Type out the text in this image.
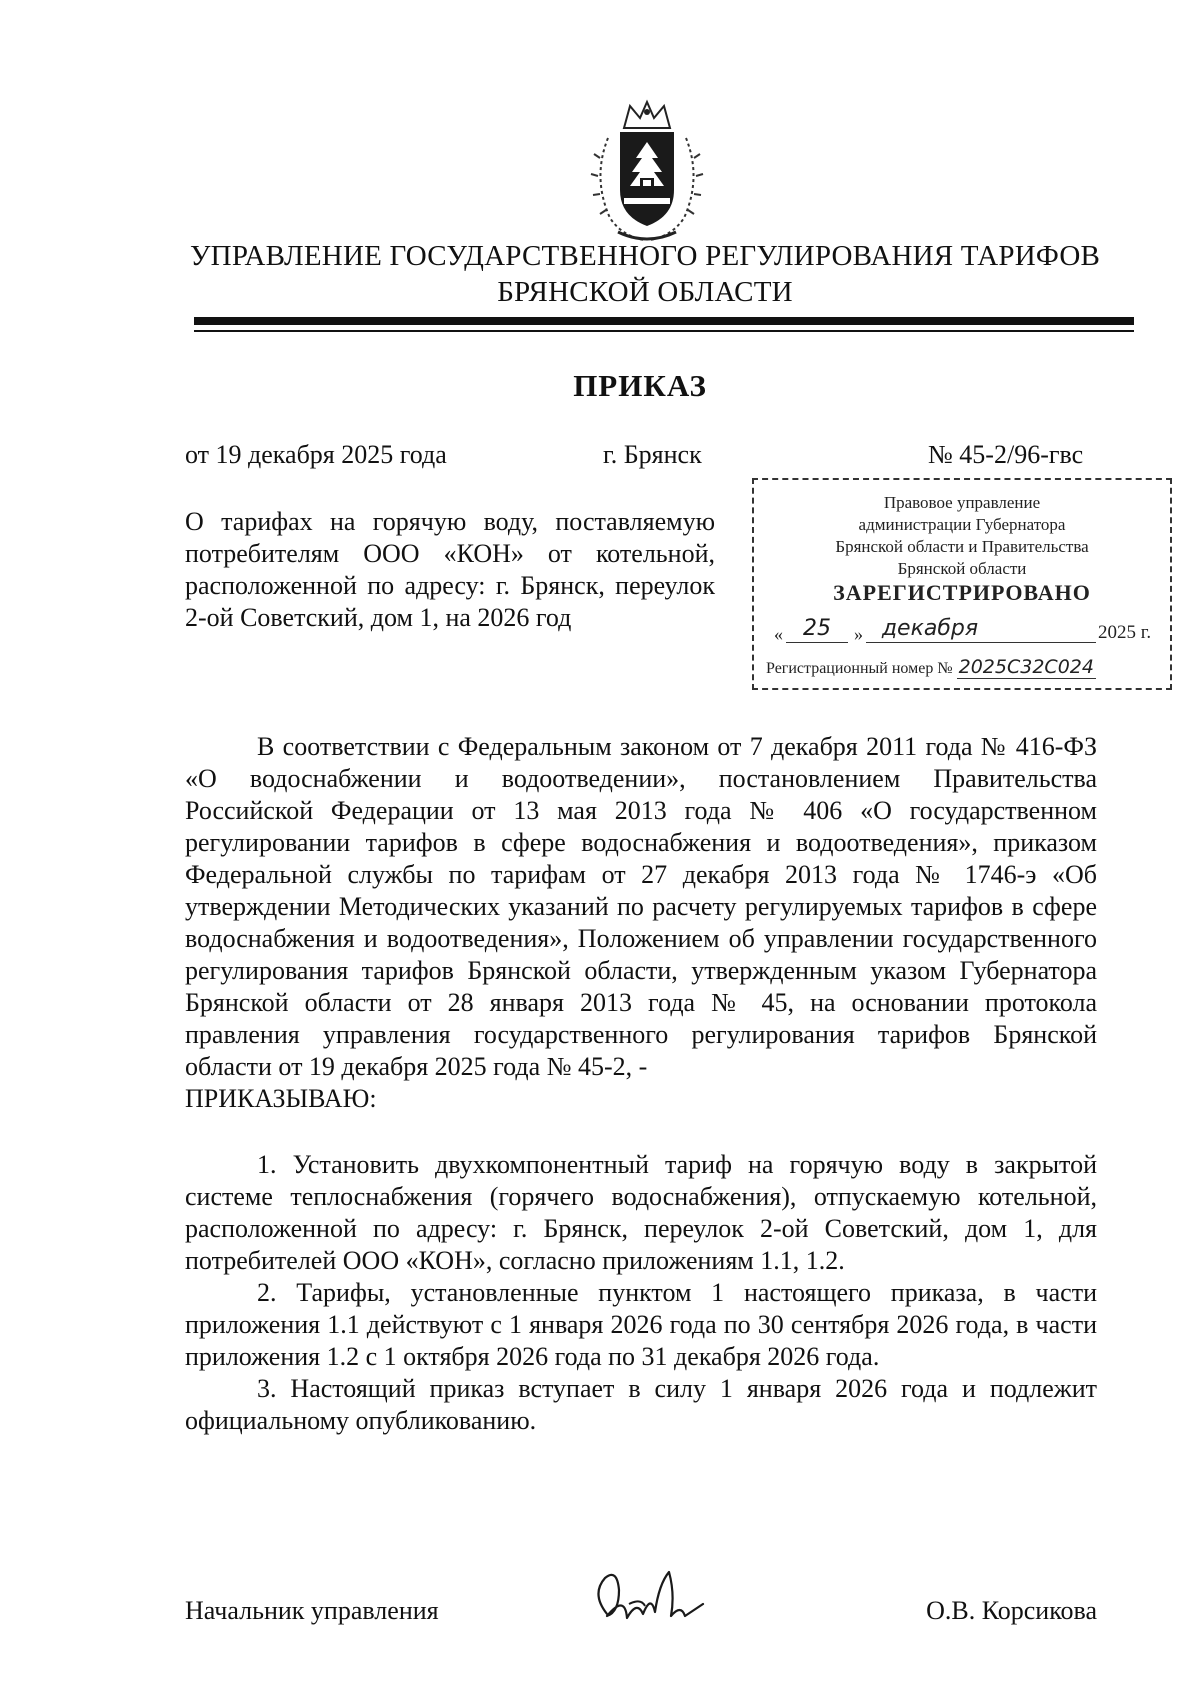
УПРАВЛЕНИЕ ГОСУДАРСТВЕННОГО РЕГУЛИРОВАНИЯ ТАРИФОВ
БРЯНСКОЙ ОБЛАСТИ
ПРИКАЗ
от 19 декабря 2025 года	г. Брянск	№ 45-2/96-гвс
О тарифах на горячую воду, поставляемую потребителям ООО «КОН» от котельной, расположенной по адресу: г. Брянск, переулок 2-ой Советский, дом 1, на 2026 год
Правовое управление
администрации Губернатора
Брянской области и Правительства
Брянской области
ЗАРЕГИСТРИРОВАНО
« 25	» декабря	2025 г.
Регистрационный номер № 2025С32С024

В соответствии с Федеральным законом от 7 декабря 2011 года № 416-ФЗ «О водоснабжении и водоотведении», постановлением Правительства Российской Федерации от 13 мая 2013 года № 406 «О государственном регулировании тарифов в сфере водоснабжения и водоотведения», приказом Федеральной службы по тарифам от 27 декабря 2013 года № 1746-э «Об утверждении Методических указаний по расчету регулируемых тарифов в сфере водоснабжения и водоотведения», Положением об управлении государственного регулирования тарифов Брянской области, утвержденным указом Губернатора Брянской области от 28 января 2013 года № 45, на основании протокола правления управления государственного регулирования тарифов Брянской области от 19 декабря 2025 года № 45-2, -

ПРИКАЗЫВАЮ:

1. Установить двухкомпонентный тариф на горячую воду в закрытой системе теплоснабжения (горячего водоснабжения), отпускаемую котельной, расположенной по адресу: г. Брянск, переулок 2-ой Советский, дом 1, для потребителей ООО «КОН», согласно приложениям 1.1, 1.2.

2. Тарифы, установленные пунктом 1 настоящего приказа, в части приложения 1.1 действуют с 1 января 2026 года по 30 сентября 2026 года, в части приложения 1.2 с 1 октября 2026 года по 31 декабря 2026 года.

3. Настоящий приказ вступает в силу 1 января 2026 года и подлежит официальному опубликованию.

Начальник управления	О.В. Корсикова
